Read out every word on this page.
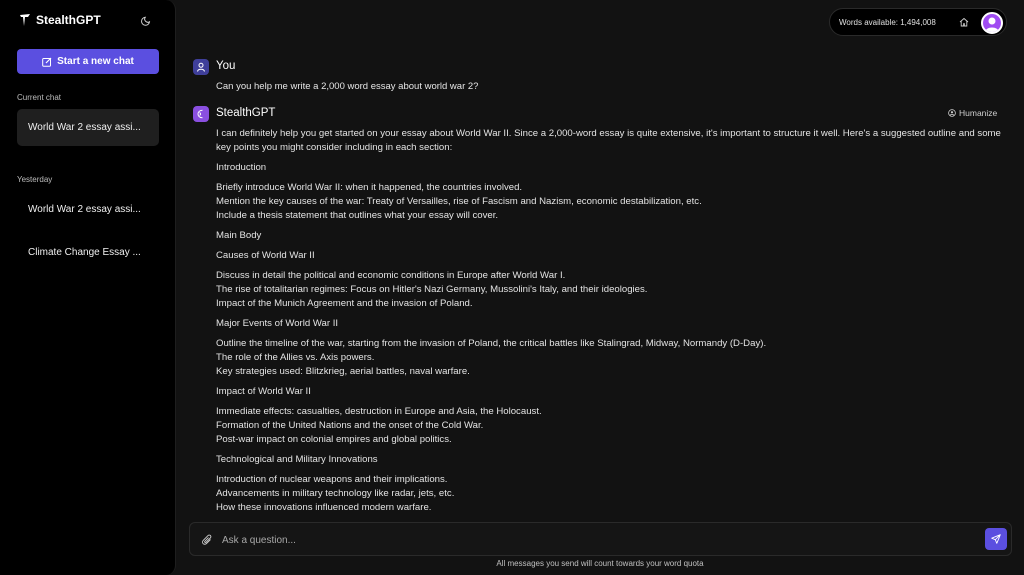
StealthGPT
Start a new chat
Current chat
World War 2 essay assi...
Yesterday
World War 2 essay assi...
Climate Change Essay ...
Words available: 1,494,008
You
Can you help me write a 2,000 word essay about world war 2?
StealthGPT	Humanize
I can definitely help you get started on your essay about World War II. Since a 2,000-word essay is quite extensive, it's important to structure it well. Here's a suggested outline and some key points you might consider including in each section:
Introduction
Briefly introduce World War II: when it happened, the countries involved.
Mention the key causes of the war: Treaty of Versailles, rise of Fascism and Nazism, economic destabilization, etc.
Include a thesis statement that outlines what your essay will cover.
Main Body
Causes of World War II
Discuss in detail the political and economic conditions in Europe after World War I.
The rise of totalitarian regimes: Focus on Hitler's Nazi Germany, Mussolini's Italy, and their ideologies.
Impact of the Munich Agreement and the invasion of Poland.
Major Events of World War II
Outline the timeline of the war, starting from the invasion of Poland, the critical battles like Stalingrad, Midway, Normandy (D-Day).
The role of the Allies vs. Axis powers.
Key strategies used: Blitzkrieg, aerial battles, naval warfare.
Impact of World War II
Immediate effects: casualties, destruction in Europe and Asia, the Holocaust.
Formation of the United Nations and the onset of the Cold War.
Post-war impact on colonial empires and global politics.
Technological and Military Innovations
Introduction of nuclear weapons and their implications.
Advancements in military technology like radar, jets, etc.
How these innovations influenced modern warfare.
Ask a question...
All messages you send will count towards your word quota
